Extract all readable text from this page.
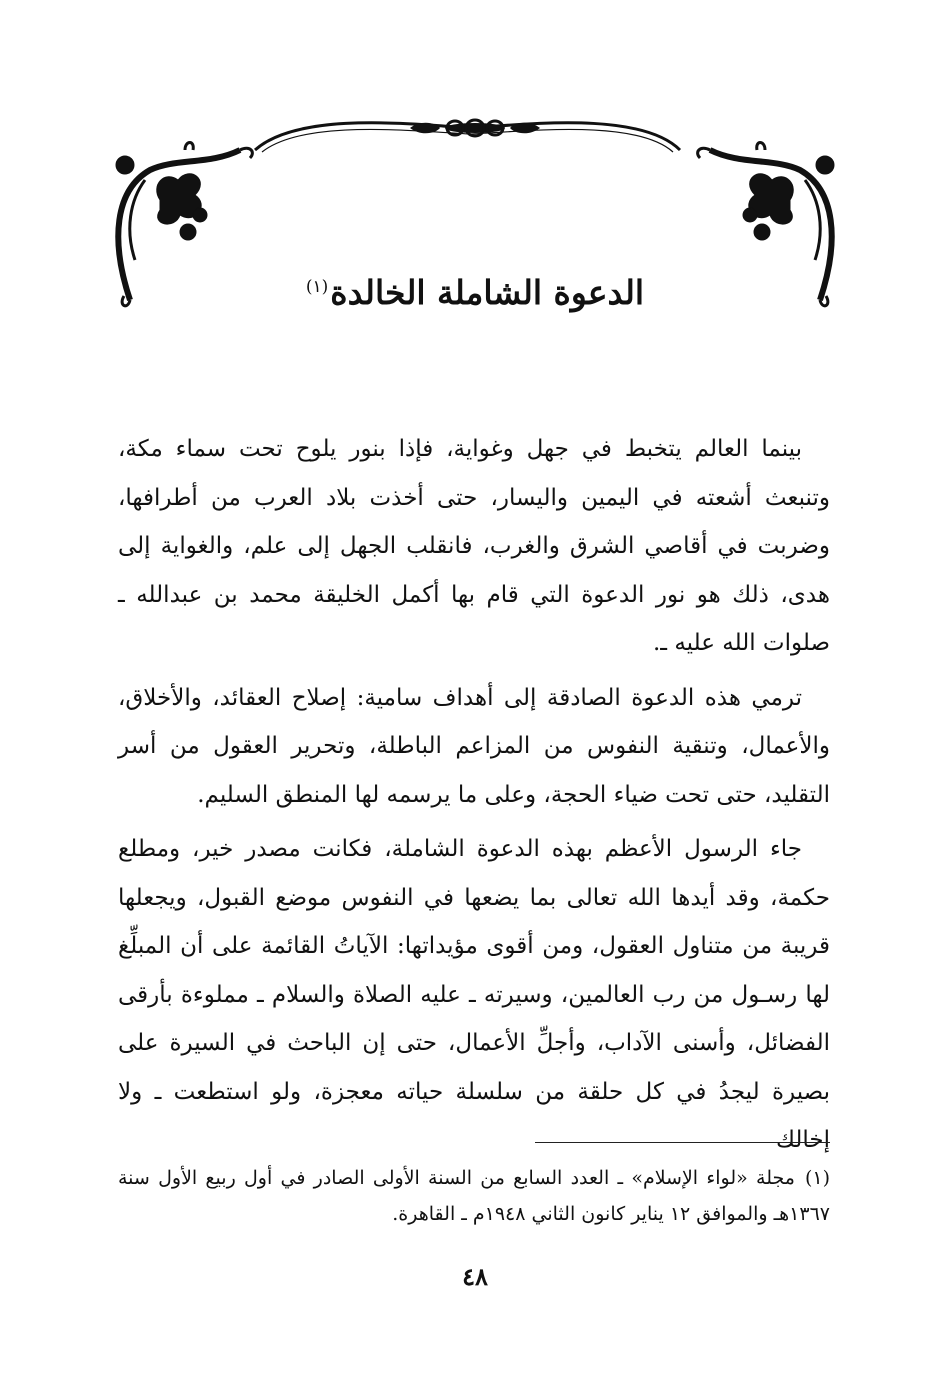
الدعوة الشاملة الخالدة$^{(١)}$

بينما العالم يتخبط في جهل وغواية، فإذا بنور يلوح تحت سماء مكة، وتنبعث أشعته في اليمين واليسار، حتى أخذت بلاد العرب من أطرافها، وضربت في أقاصي الشرق والغرب، فانقلب الجهل إلى علم، والغواية إلى هدى، ذلك هو نور الدعوة التي قام بها أكمل الخليقة محمد بن عبدالله ـ صلوات الله عليه ـ.

ترمي هذه الدعوة الصادقة إلى أهداف سامية: إصلاح العقائد، والأخلاق، والأعمال، وتنقية النفوس من المزاعم الباطلة، وتحرير العقول من أسر التقليد، حتى تحت ضياء الحجة، وعلى ما يرسمه لها المنطق السليم.

جاء الرسول الأعظم بهذه الدعوة الشاملة، فكانت مصدر خير، ومطلع حكمة، وقد أيدها الله تعالى بما يضعها في النفوس موضع القبول، ويجعلها قريبة من متناول العقول، ومن أقوى مؤيداتها: الآياتُ القائمة على أن المبلِّغ لها رسـول من رب العالمين، وسيرته ـ عليه الصلاة والسلام ـ مملوءة بأرقى الفضائل، وأسنى الآداب، وأجلِّ الأعمال، حتى إن الباحث في السيرة على بصيرة ليجدُ في كل حلقة من سلسلة حياته معجزة، ولو استطعت ـ ولا إخالك

(١)مجلة «لواء الإسلام» ـ العدد السابع من السنة الأولى الصادر في أول ربيع الأول سنة ١٣٦٧هـ والموافق ١٢ يناير كانون الثاني ١٩٤٨م ـ القاهرة.
٤٨
